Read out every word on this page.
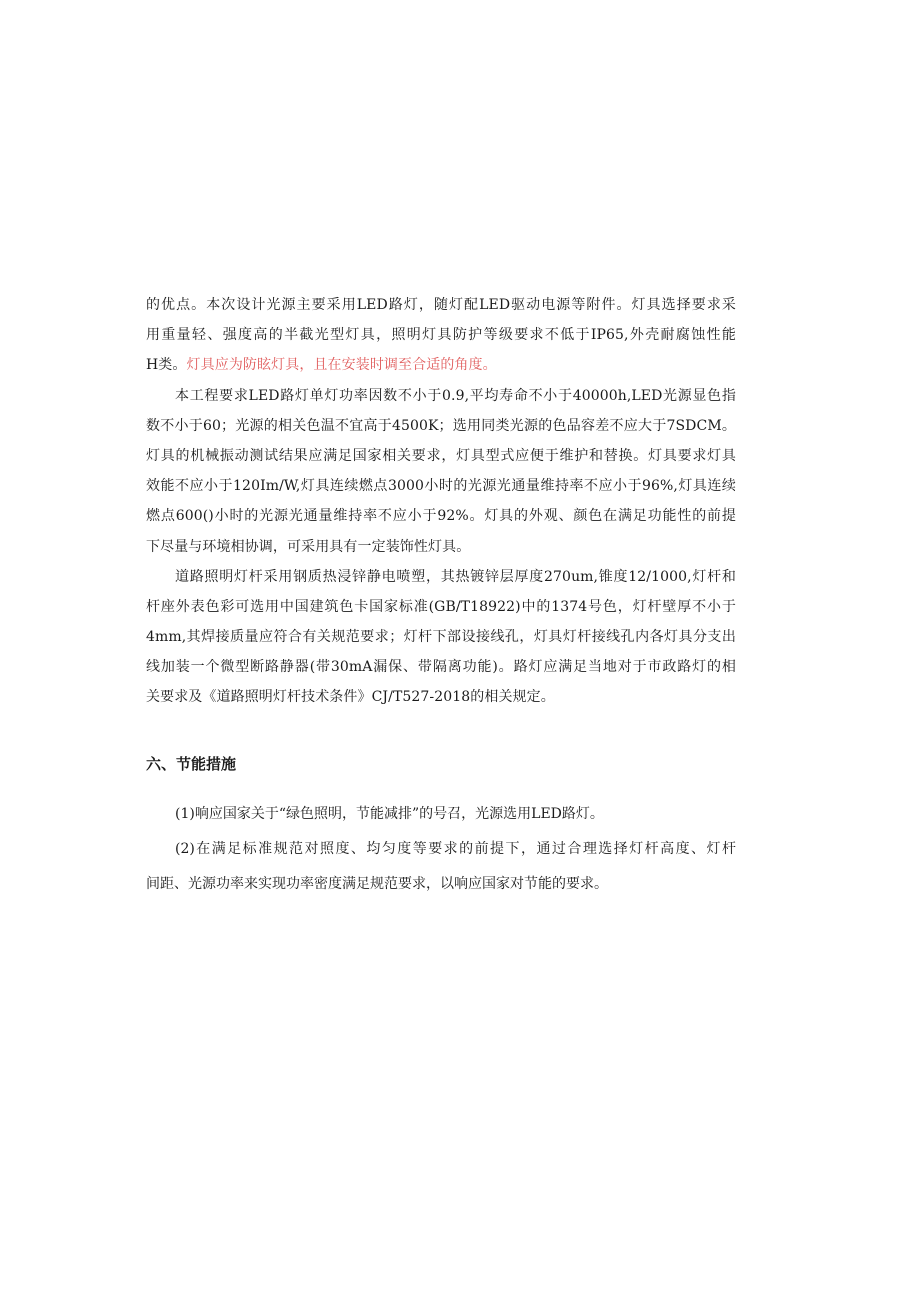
的优点。本次设计光源主要采用LED路灯，随灯配LED驱动电源等附件。灯具选择要求采
用重量轻、强度高的半截光型灯具，照明灯具防护等级要求不低于IP65,外壳耐腐蚀性能
H类。灯具应为防眩灯具，且在安装时调至合适的角度。
本工程要求LED路灯单灯功率因数不小于0.9,平均寿命不小于40000h,LED光源显色指
数不小于60；光源的相关色温不宜高于4500K；选用同类光源的色品容差不应大于7SDCM。
灯具的机械振动测试结果应满足国家相关要求，灯具型式应便于维护和替换。灯具要求灯具
效能不应小于120Im/W,灯具连续燃点3000小时的光源光通量维持率不应小于96%,灯具连续
燃点600()小时的光源光通量维持率不应小于92%。灯具的外观、颜色在满足功能性的前提
下尽量与环境相协调，可采用具有一定装饰性灯具。
道路照明灯杆采用钢质热浸锌静电喷塑，其热镀锌层厚度270um,锥度12/1000,灯杆和
杆座外表色彩可选用中国建筑色卡国家标准(GB/T18922)中的1374号色，灯杆壁厚不小于
4mm,其焊接质量应符合有关规范要求；灯杆下部设接线孔，灯具灯杆接线孔内各灯具分支出
线加装一个微型断路静器(带30mA漏保、带隔离功能)。路灯应满足当地对于市政路灯的相
关要求及《道路照明灯杆技术条件》CJ/T527-2018的相关规定。
六、节能措施
(1)响应国家关于“绿色照明，节能减排”的号召，光源选用LED路灯。
(2)在满足标准规范对照度、均匀度等要求的前提下，通过合理选择灯杆高度、灯杆
间距、光源功率来实现功率密度满足规范要求，以响应国家对节能的要求。
